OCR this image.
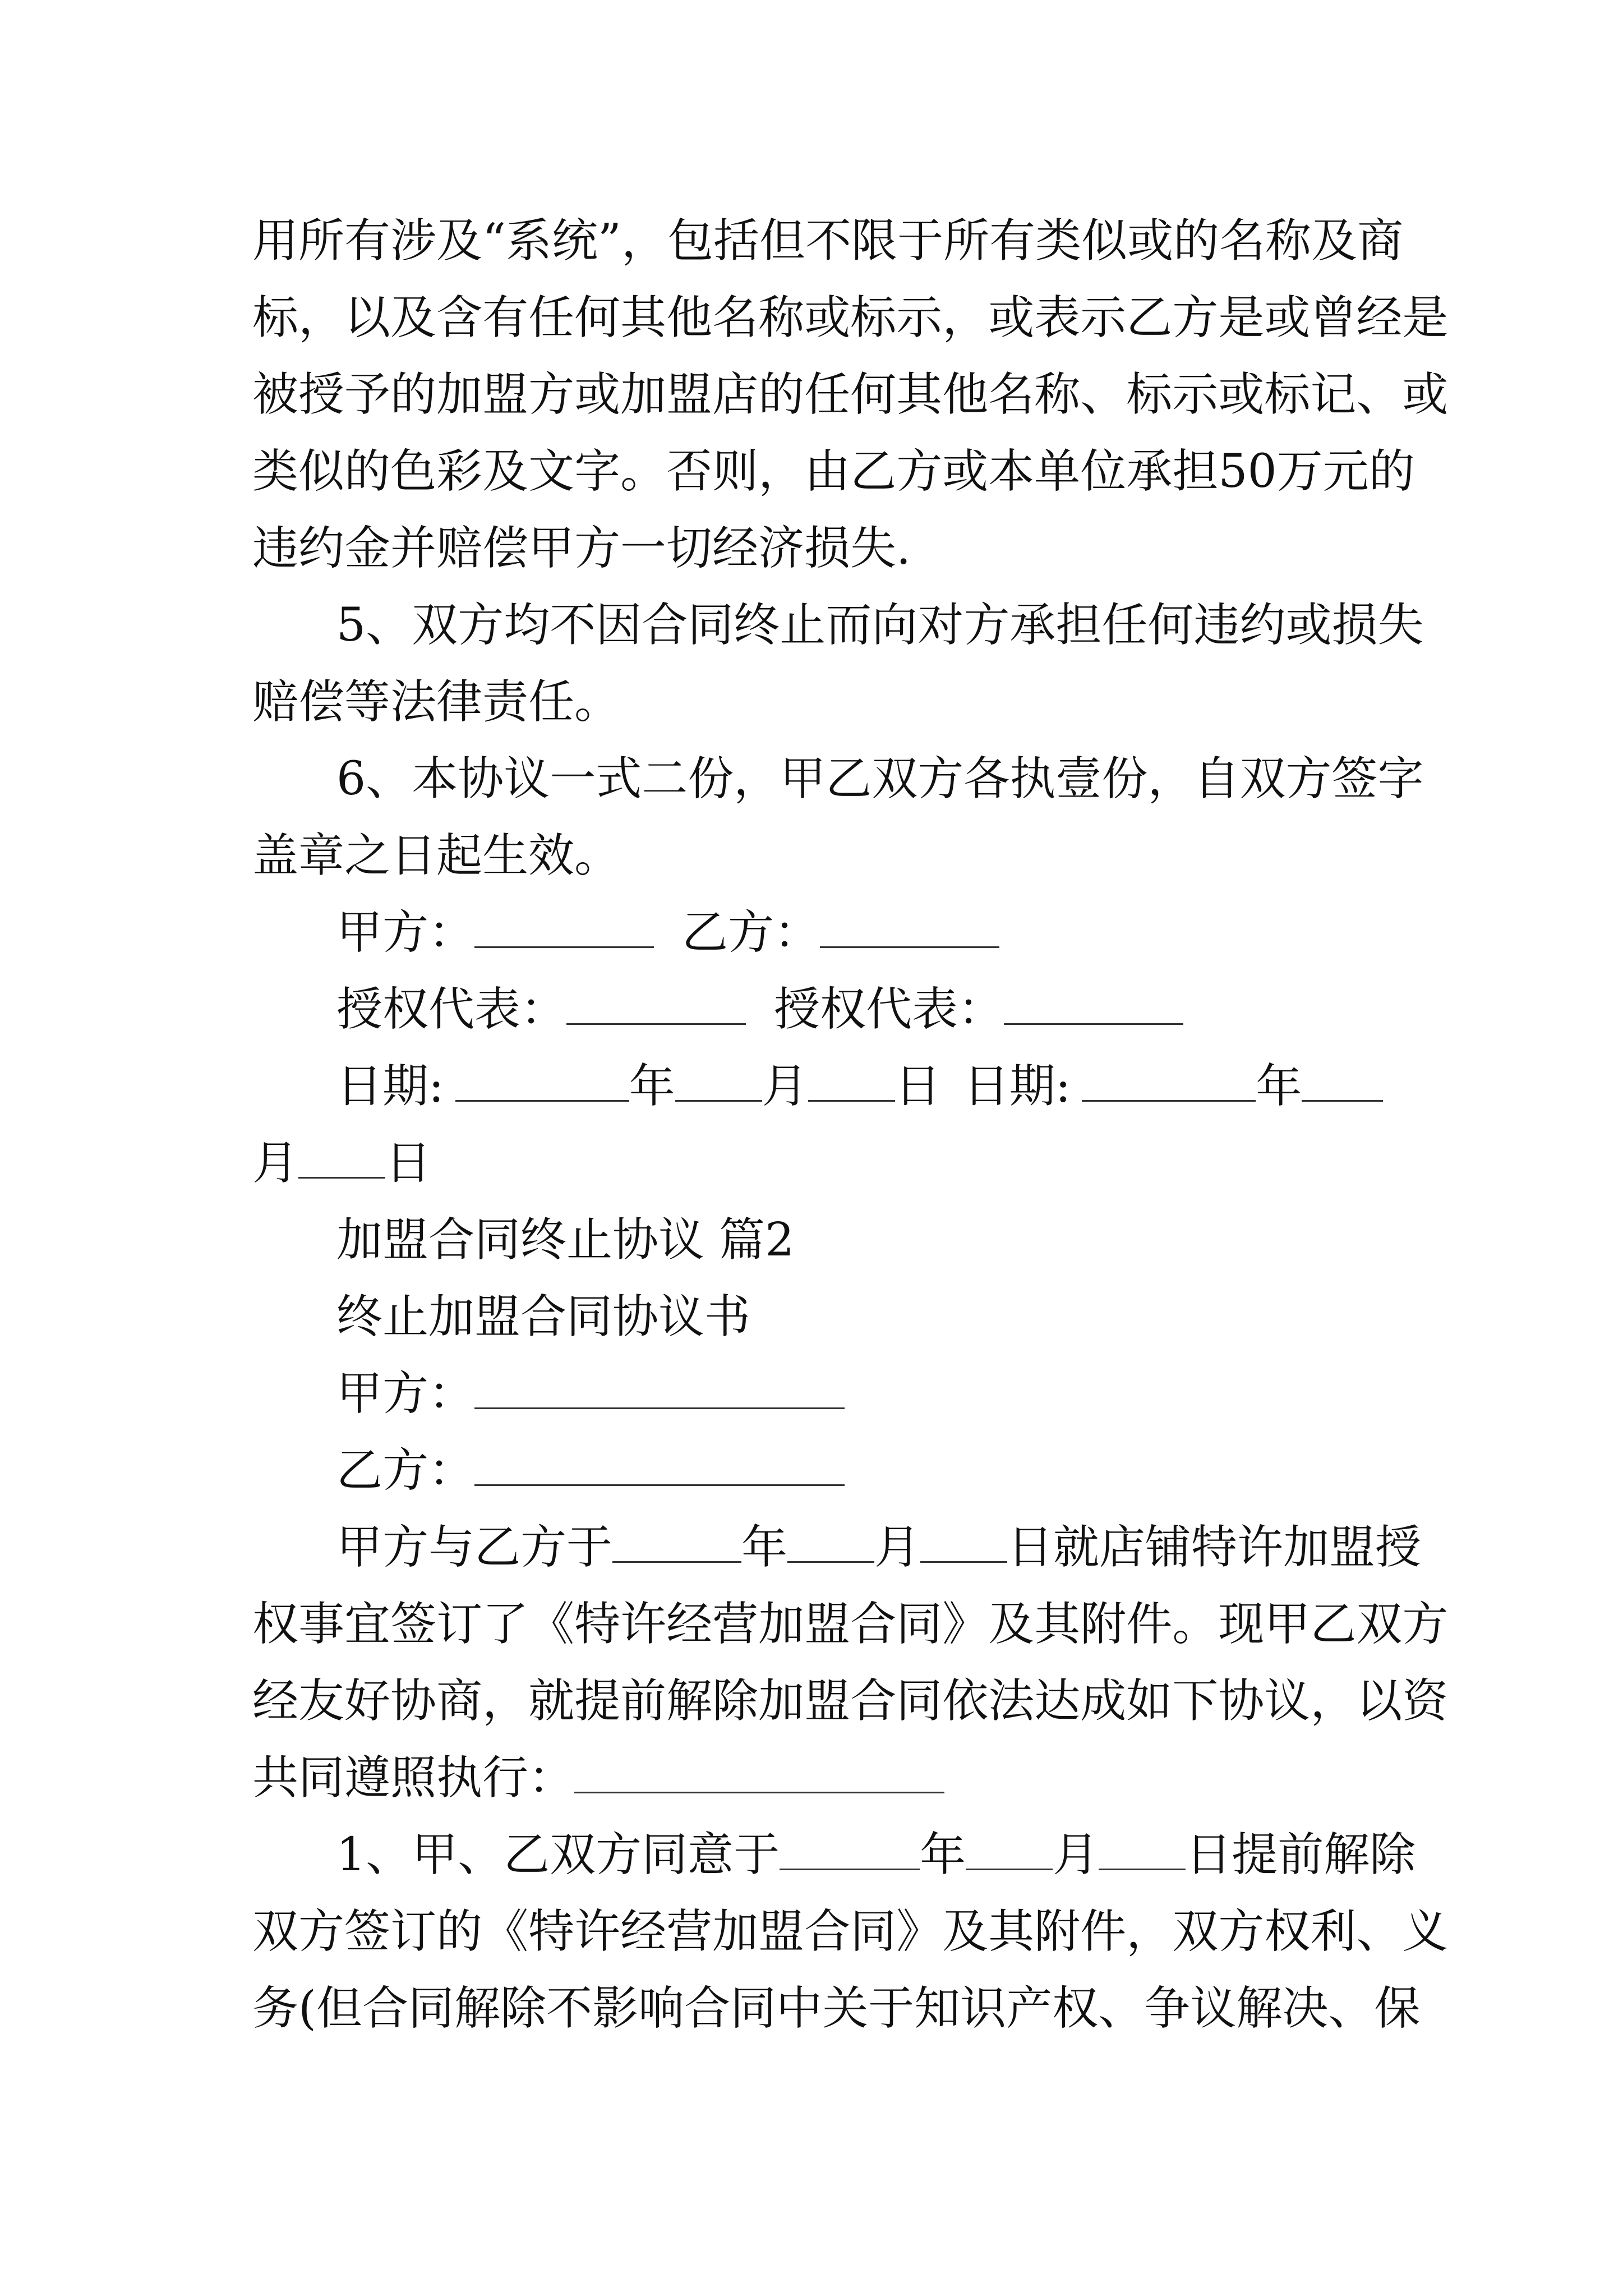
用 所 有 涉 及 “ 系 统 ” ， 包 括 但 不 限 于 所 有 类 似 或 的 名 称 及 商
标 ， 以 及 含 有 任 何 其 他 名 称 或 标 示 ， 或 表 示 乙 方 是 或 曾 经 是
被 授 予 的 加 盟 方 或 加 盟 店 的 任 何 其 他 名 称 、 标 示 或 标 记 、 或
类 似 的 色 彩 及 文 字 。 否 则 ， 由 乙 方 或 本 单 位 承 担 50 万 元 的
违约金并赔偿甲方一切经济损失.
5 、 双 方 均 不 因 合 同 终 止 而 向 对 方 承 担 任 何 违 约 或 损 失
赔偿等法律责任。
6 、 本 协 议 一 式 二 份 ， 甲 乙 双 方 各 执 壹 份 ， 自 双 方 签 字
盖章之日起生效。
甲方：	乙方：
授权代表：	授权代表：
日期:	年 月 日 日期:	年
月 日
加盟合同终止协议 篇2
终止加盟合同协议书
甲方：
乙方：
甲方与乙方于	年 月 日就店铺特许加盟授
权 事 宜 签 订 了 《 特 许 经 营 加 盟 合 同 》 及 其 附 件 。 现 甲 乙 双 方
经 友 好 协 商 ， 就 提 前 解 除 加 盟 合 同 依 法 达 成 如 下 协 议 ， 以 资
共同遵照执行：
1、甲、乙双方同意于	年 月 日提前解除
双 方 签 订 的 《 特 许 经 营 加 盟 合 同 》 及 其 附 件 ， 双 方 权 利 、 义
务 ( 但 合 同 解 除 不 影 响 合 同 中 关 于 知 识 产 权 、 争 议 解 决 、 保
